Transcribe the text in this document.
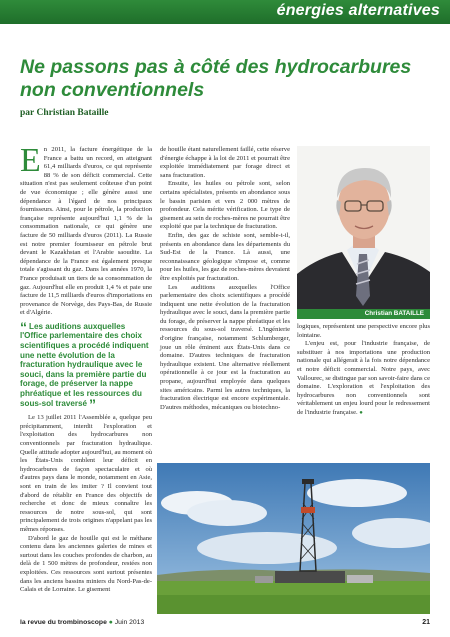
énergies alternatives
Ne passons pas à côté des hydrocarbures non conventionnels
par Christian Bataille

En 2011, la facture énergétique de la France a battu un record, en atteignant 61,4 milliards d'euros, ce qui représente 88 % de son déficit commercial. Cette situation n'est pas seulement coûteuse d'un point de vue économique ; elle génère aussi une dépendance à l'égard de nos principaux fournisseurs. Ainsi, pour le pétrole, la production française représente aujourd'hui 1,1 % de la consommation nationale, ce qui génère une facture de 50 milliards d'euros (2011). La Russie est notre premier fournisseur en pétrole brut devant le Kazakhstan et l'Arabie saoudite. La dépendance de la France est également presque totale s'agissant du gaz. Dans les années 1970, la France produisait un tiers de sa consommation de gaz. Aujourd'hui elle en produit 1,4 % et paie une facture de 11,5 milliards d'euros d'importations en provenance de Norvège, des Pays-Bas, de Russie et d'Algérie.

“ Les auditions auxquelles l'Office parlementaire des choix scientifiques a procédé indiquent une nette évolution de la fracturation hydraulique avec le souci, dans la première partie du forage, de préserver la nappe phréatique et les ressources du sous-sol traversé ”

Le 13 juillet 2011 l'Assemblée a, quelque peu précipitamment, interdit l'exploration et l'exploitation des hydrocarbures non conventionnels par fracturation hydraulique. Quelle attitude adopter aujourd'hui, au moment où les États-Unis comblent leur déficit en hydrocarbures de façon spectaculaire et où d'autres pays dans le monde, notamment en Asie, sont en train de les imiter ? Il convient tout d'abord de rétablir en France des objectifs de recherche et donc de mieux connaître les ressources de notre sous-sol, qui sont principalement de trois origines n'appelant pas les mêmes réponses.

D'abord le gaz de houille qui est le méthane contenu dans les anciennes galeries de mines et surtout dans les couches profondes de charbon, au delà de 1 500 mètres de profondeur, restées non exploitées. Ces ressources sont surtout présentes dans les anciens bassins miniers du Nord-Pas-de-Calais et de Lorraine. Le gisement

de houille étant naturellement faillé, cette réserve d'énergie échappe à la loi de 2011 et pourrait être exploitée immédiatement par forage direct et sans fracturation.

Ensuite, les huiles ou pétrole sont, selon certains spécialistes, présents en abondance sous le bassin parisien et vers 2 000 mètres de profondeur. Cela mérite vérification. Le type de gisement au sein de roches-mères ne pourrait être exploité que par la technique de fracturation.

Enfin, des gaz de schiste sont, semble-t-il, présents en abondance dans les départements du Sud-Est de la France. Là aussi, une reconnaissance géologique s'impose et, comme pour les huiles, les gaz de roches-mères devraient être exploités par fracturation.

Les auditions auxquelles l'Office parlementaire des choix scientifiques a procédé indiquent une nette évolution de la fracturation hydraulique avec le souci, dans la première partie du forage, de préserver la nappe phréatique et les ressources du sous-sol traversé. L'ingénierie d'origine française, notamment Schlumberger, joue un rôle éminent aux États-Unis dans ce domaine. D'autres techniques de fracturation hydraulique existent. Une alternative réellement opérationnelle à ce jour est la fracturation au propane, aujourd'hui employée dans quelques sites américains. Parmi les autres techniques, la fracturation électrique est encore expérimentale. D'autres méthodes, mécaniques ou biotechno-

logiques, représentent une perspective encore plus lointaine.

L'enjeu est, pour l'industrie française, de substituer à nos importations une production nationale qui allégerait à la fois notre dépendance et notre déficit commercial. Notre pays, avec Vallourec, se distingue par son savoir-faire dans ce domaine. L'exploration et l'exploitation des hydrocarbures non conventionnels sont véritablement un enjeu lourd pour le redressement de l'industrie française. ●

Christian BATAILLE
la revue du trombinoscope ● Juin 2013	21
